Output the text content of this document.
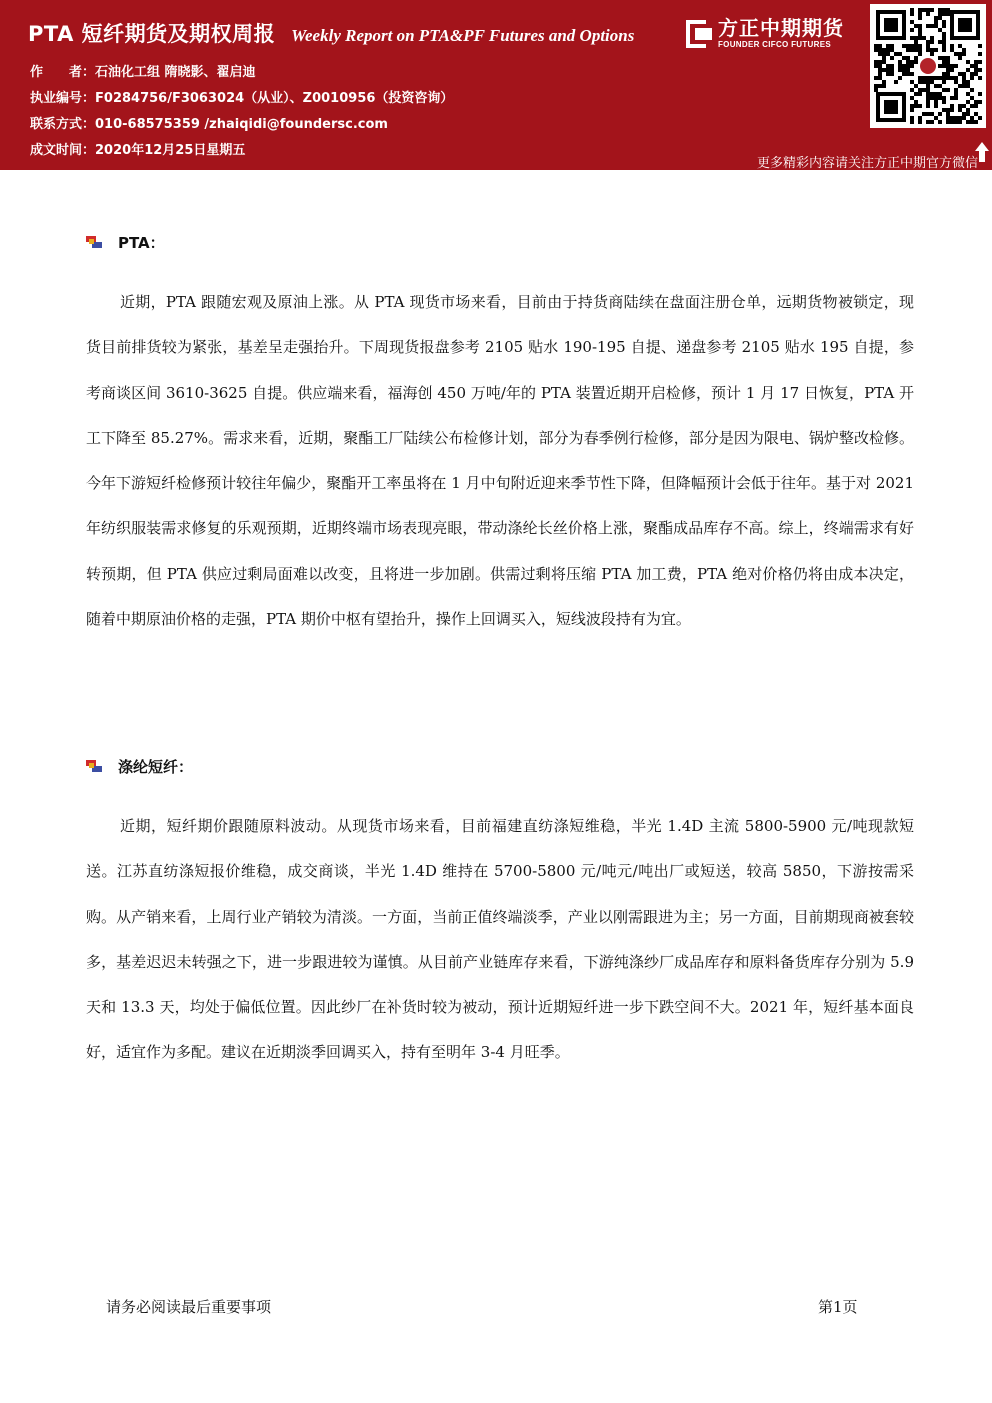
PTA 短纤期货及期权周报 Weekly Report on PTA&PF Futures and Options
作　　者：石油化工组 隋晓影、翟启迪
执业编号：F0284756/F3063024（从业）、Z0010956（投资咨询）
联系方式：010-68575359 /zhaiqidi@foundersc.com
成文时间：2020年12月25日星期五
方正中期期货
FOUNDER CIFCO FUTURES
更多精彩内容请关注方正中期官方微信
PTA：
近期，PTA 跟随宏观及原油上涨。从 PTA 现货市场来看，目前由于持货商陆续在盘面注册仓单，远期货物被锁定，现货目前排货较为紧张，基差呈走强抬升。下周现货报盘参考 2105 贴水 190-195 自提、递盘参考 2105 贴水 195 自提，参考商谈区间 3610-3625 自提。供应端来看，福海创 450 万吨/年的 PTA 装置近期开启检修，预计 1 月 17 日恢复，PTA 开工下降至 85.27%。需求来看，近期，聚酯工厂陆续公布检修计划，部分为春季例行检修，部分是因为限电、锅炉整改检修。今年下游短纤检修预计较往年偏少，聚酯开工率虽将在 1 月中旬附近迎来季节性下降，但降幅预计会低于往年。基于对 2021 年纺织服装需求修复的乐观预期，近期终端市场表现亮眼，带动涤纶长丝价格上涨，聚酯成品库存不高。综上，终端需求有好转预期，但 PTA 供应过剩局面难以改变，且将进一步加剧。供需过剩将压缩 PTA 加工费，PTA 绝对价格仍将由成本决定，随着中期原油价格的走强，PTA 期价中枢有望抬升，操作上回调买入，短线波段持有为宜。
涤纶短纤：
近期，短纤期价跟随原料波动。从现货市场来看，目前福建直纺涤短维稳，半光 1.4D 主流 5800-5900 元/吨现款短送。江苏直纺涤短报价维稳，成交商谈，半光 1.4D 维持在 5700-5800 元/吨元/吨出厂或短送，较高 5850，下游按需采购。从产销来看，上周行业产销较为清淡。一方面，当前正值终端淡季，产业以刚需跟进为主；另一方面，目前期现商被套较多，基差迟迟未转强之下，进一步跟进较为谨慎。从目前产业链库存来看，下游纯涤纱厂成品库存和原料备货库存分别为 5.9 天和 13.3 天，均处于偏低位置。因此纱厂在补货时较为被动，预计近期短纤进一步下跌空间不大。2021 年，短纤基本面良好，适宜作为多配。建议在近期淡季回调买入，持有至明年 3-4 月旺季。
请务必阅读最后重要事项	第1页
